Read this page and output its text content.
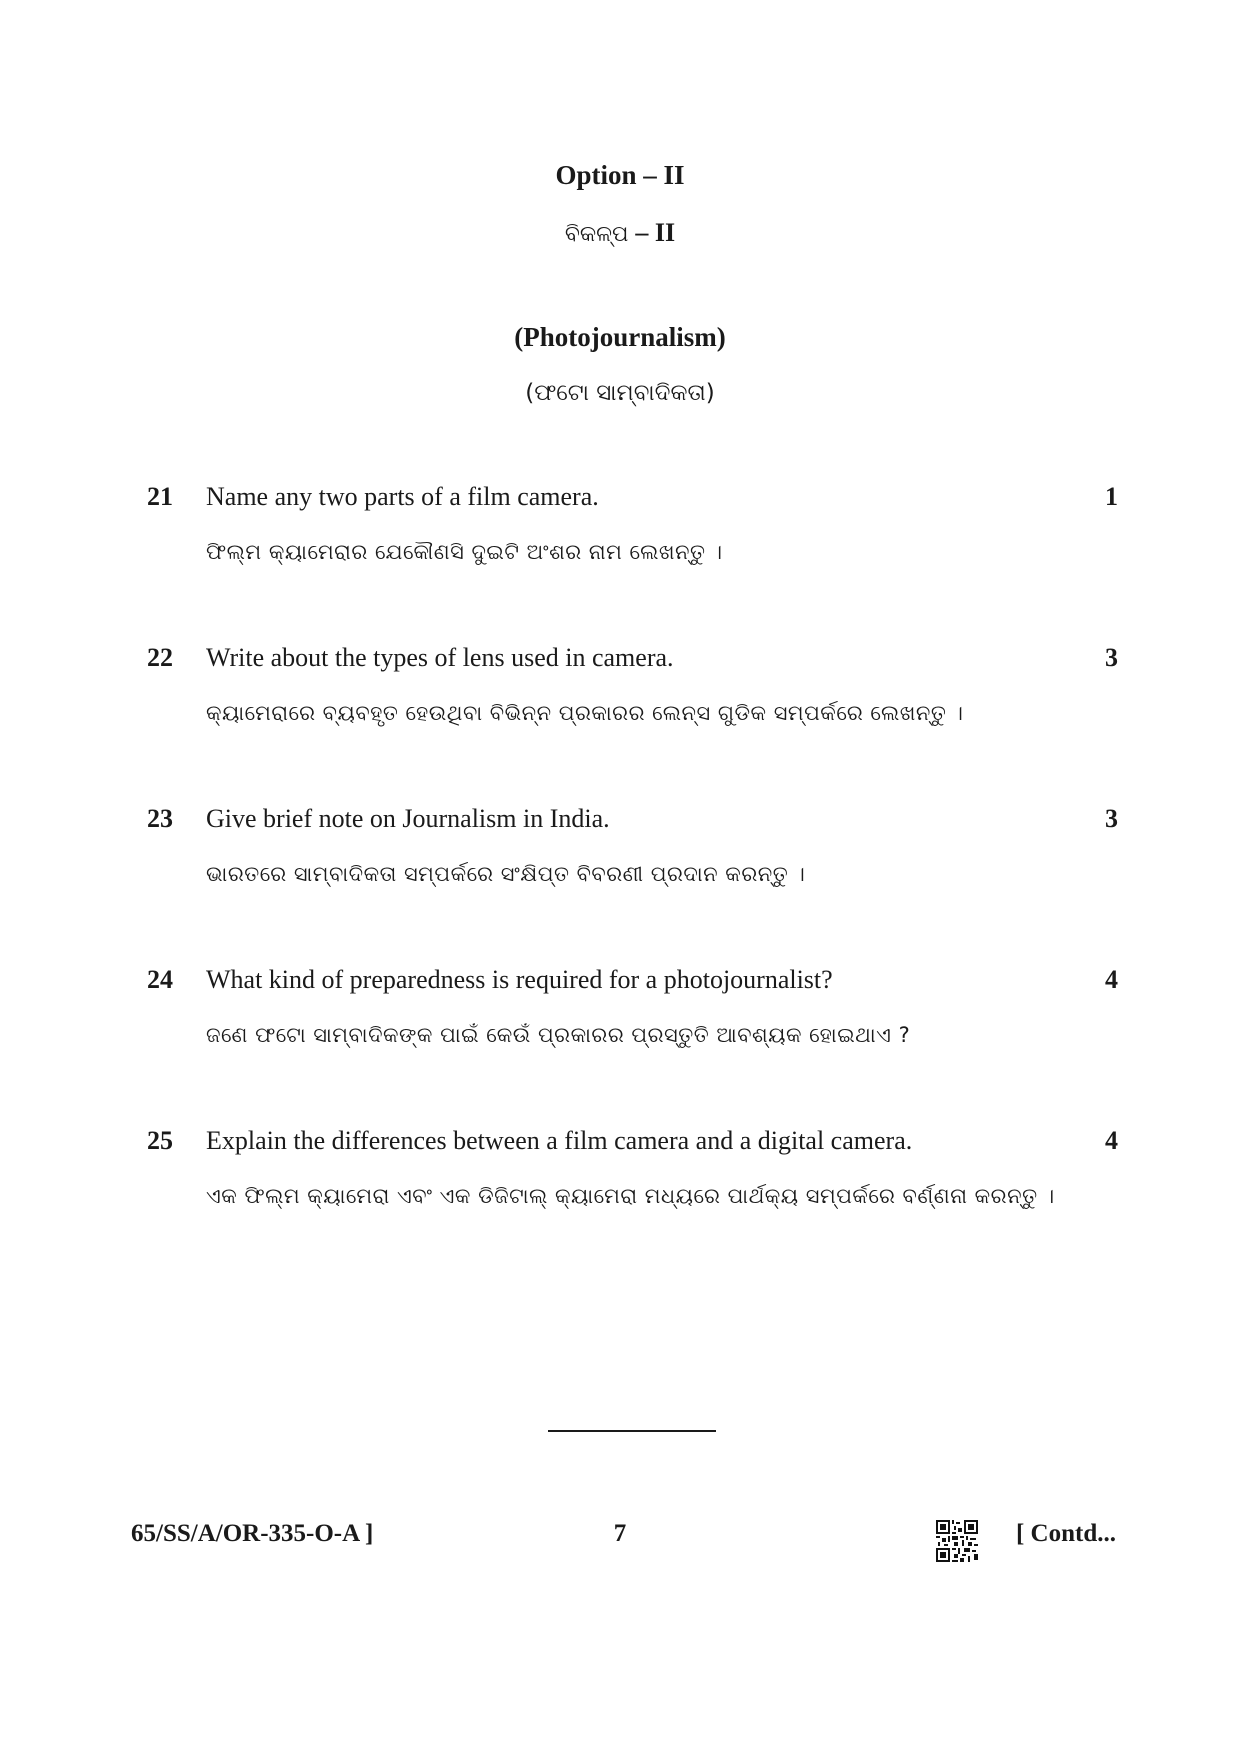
Option – II
ବିକଳ୍ପ – II
(Photojournalism)
(ଫଟୋ ସାମ୍ବାଦିକତା)
21 Name any two parts of a film camera.	1
ଫିଲ୍ମ କ୍ୟାମେରାର ଯେକୌଣସି ଦୁଇଟି ଅଂଶର ନାମ ଲେଖନ୍ତୁ ।
22 Write about the types of lens used in camera.	3
କ୍ୟାମେରାରେ ବ୍ୟବହୃତ ହେଉଥିବା ବିଭିନ୍ନ ପ୍ରକାରର ଲେନ୍ସ ଗୁଡିକ ସମ୍ପର୍କରେ ଲେଖନ୍ତୁ ।
23 Give brief note on Journalism in India.	3
ଭାରତରେ ସାମ୍ବାଦିକତା ସମ୍ପର୍କରେ ସଂକ୍ଷିପ୍ତ ବିବରଣୀ ପ୍ରଦାନ କରନ୍ତୁ ।
24 What kind of preparedness is required for a photojournalist?	4
ଜଣେ ଫଟୋ ସାମ୍ବାଦିକଙ୍କ ପାଇଁ କେଉଁ ପ୍ରକାରର ପ୍ରସ୍ତୁତି ଆବଶ୍ୟକ ହୋଇଥାଏ ?
25 Explain the differences between a film camera and a digital camera.	4
ଏକ ଫିଲ୍ମ କ୍ୟାମେରା ଏବଂ ଏକ ଡିଜିଟାଲ୍ କ୍ୟାମେରା ମଧ୍ୟରେ ପାର୍ଥକ୍ୟ ସମ୍ପର୍କରେ ବର୍ଣ୍ଣନା କରନ୍ତୁ ।
65/SS/A/OR-335-O-A ]	7	[ Contd...
